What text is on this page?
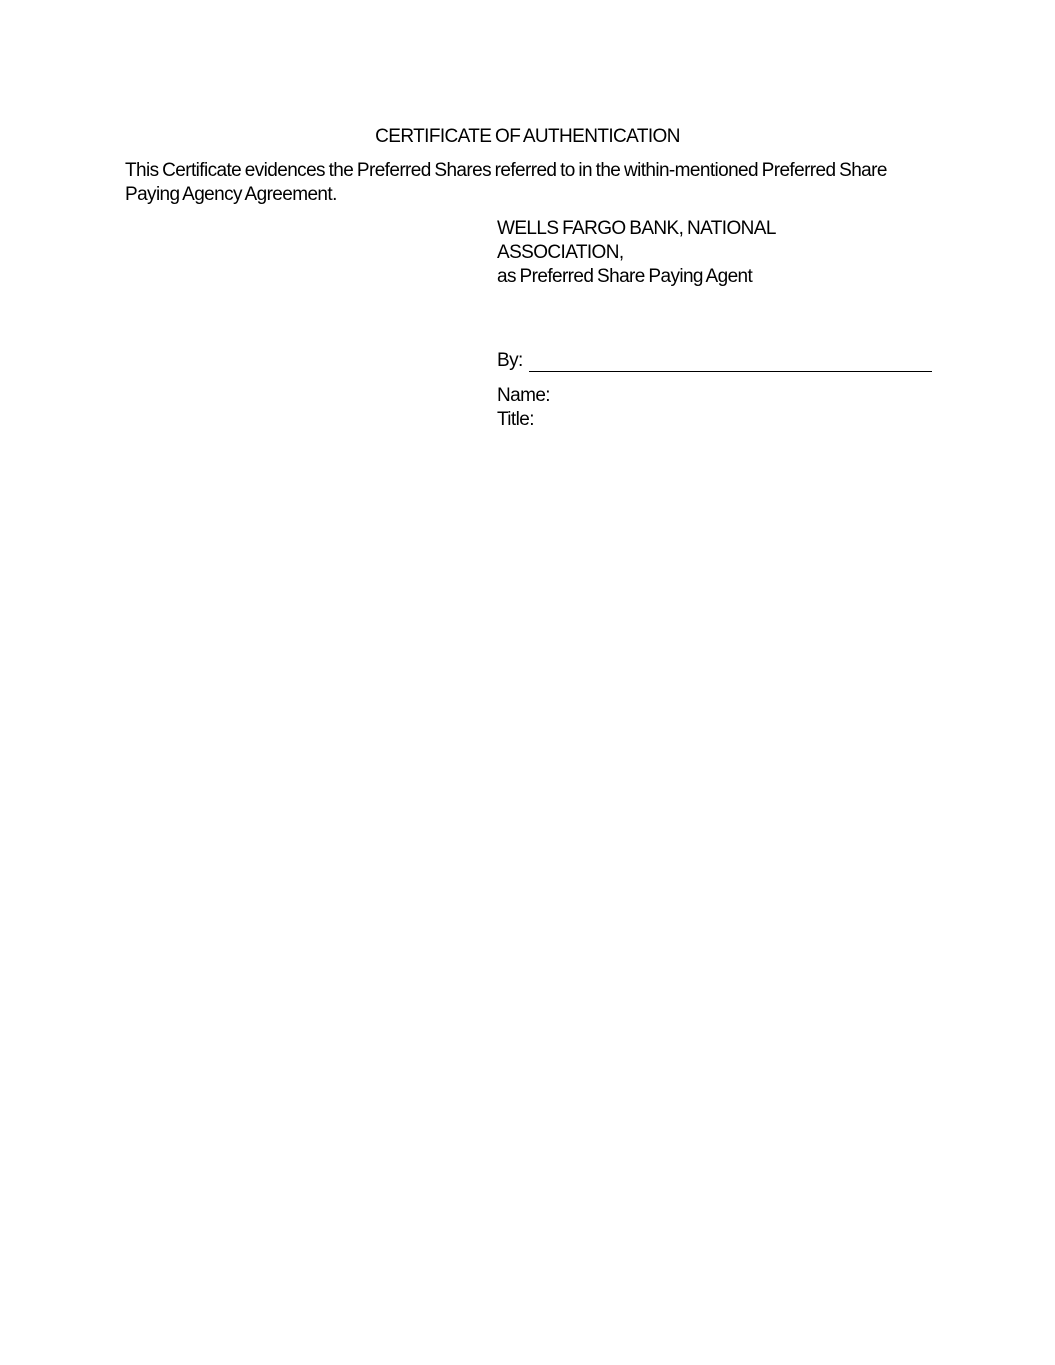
CERTIFICATE OF AUTHENTICATION
This Certificate evidences the Preferred Shares referred to in the within-mentioned Preferred Share Paying Agency Agreement.
WELLS FARGO BANK, NATIONAL
ASSOCIATION,
as Preferred Share Paying Agent
By:
Name:
Title:
